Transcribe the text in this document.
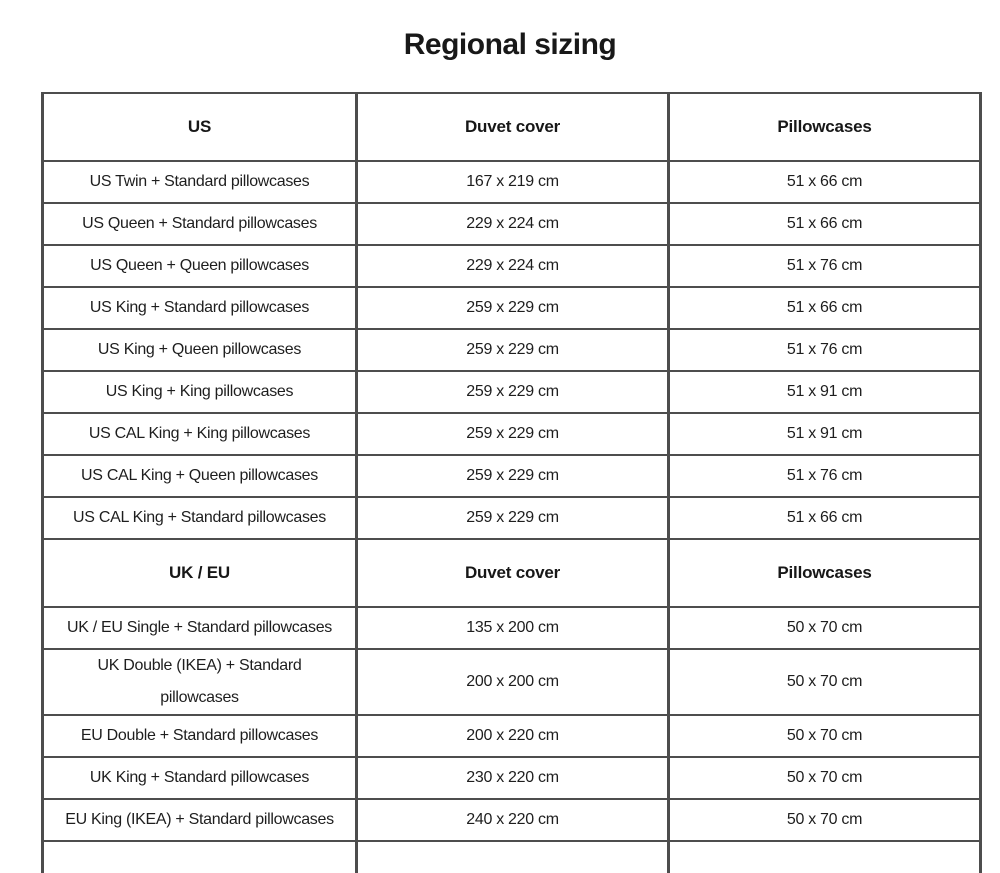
Regional sizing
US	Duvet cover	Pillowcases
US Twin + Standard pillowcases	167 x 219 cm	51 x 66 cm
US Queen + Standard pillowcases	229 x 224 cm	51 x 66 cm
US Queen + Queen pillowcases	229 x 224 cm	51 x 76 cm
US King + Standard pillowcases	259 x 229 cm	51 x 66 cm
US King + Queen pillowcases	259 x 229 cm	51 x 76 cm
US King + King pillowcases	259 x 229 cm	51 x 91 cm
US CAL King + King pillowcases	259 x 229 cm	51 x 91 cm
US CAL King + Queen pillowcases	259 x 229 cm	51 x 76 cm
US CAL King + Standard pillowcases	259 x 229 cm	51 x 66 cm
UK / EU	Duvet cover	Pillowcases
UK / EU Single + Standard pillowcases	135 x 200 cm	50 x 70 cm
UK Double (IKEA) + Standard pillowcases	200 x 200 cm	50 x 70 cm
EU Double + Standard pillowcases	200 x 220 cm	50 x 70 cm
UK King + Standard pillowcases	230 x 220 cm	50 x 70 cm
EU King (IKEA) + Standard pillowcases	240 x 220 cm	50 x 70 cm
